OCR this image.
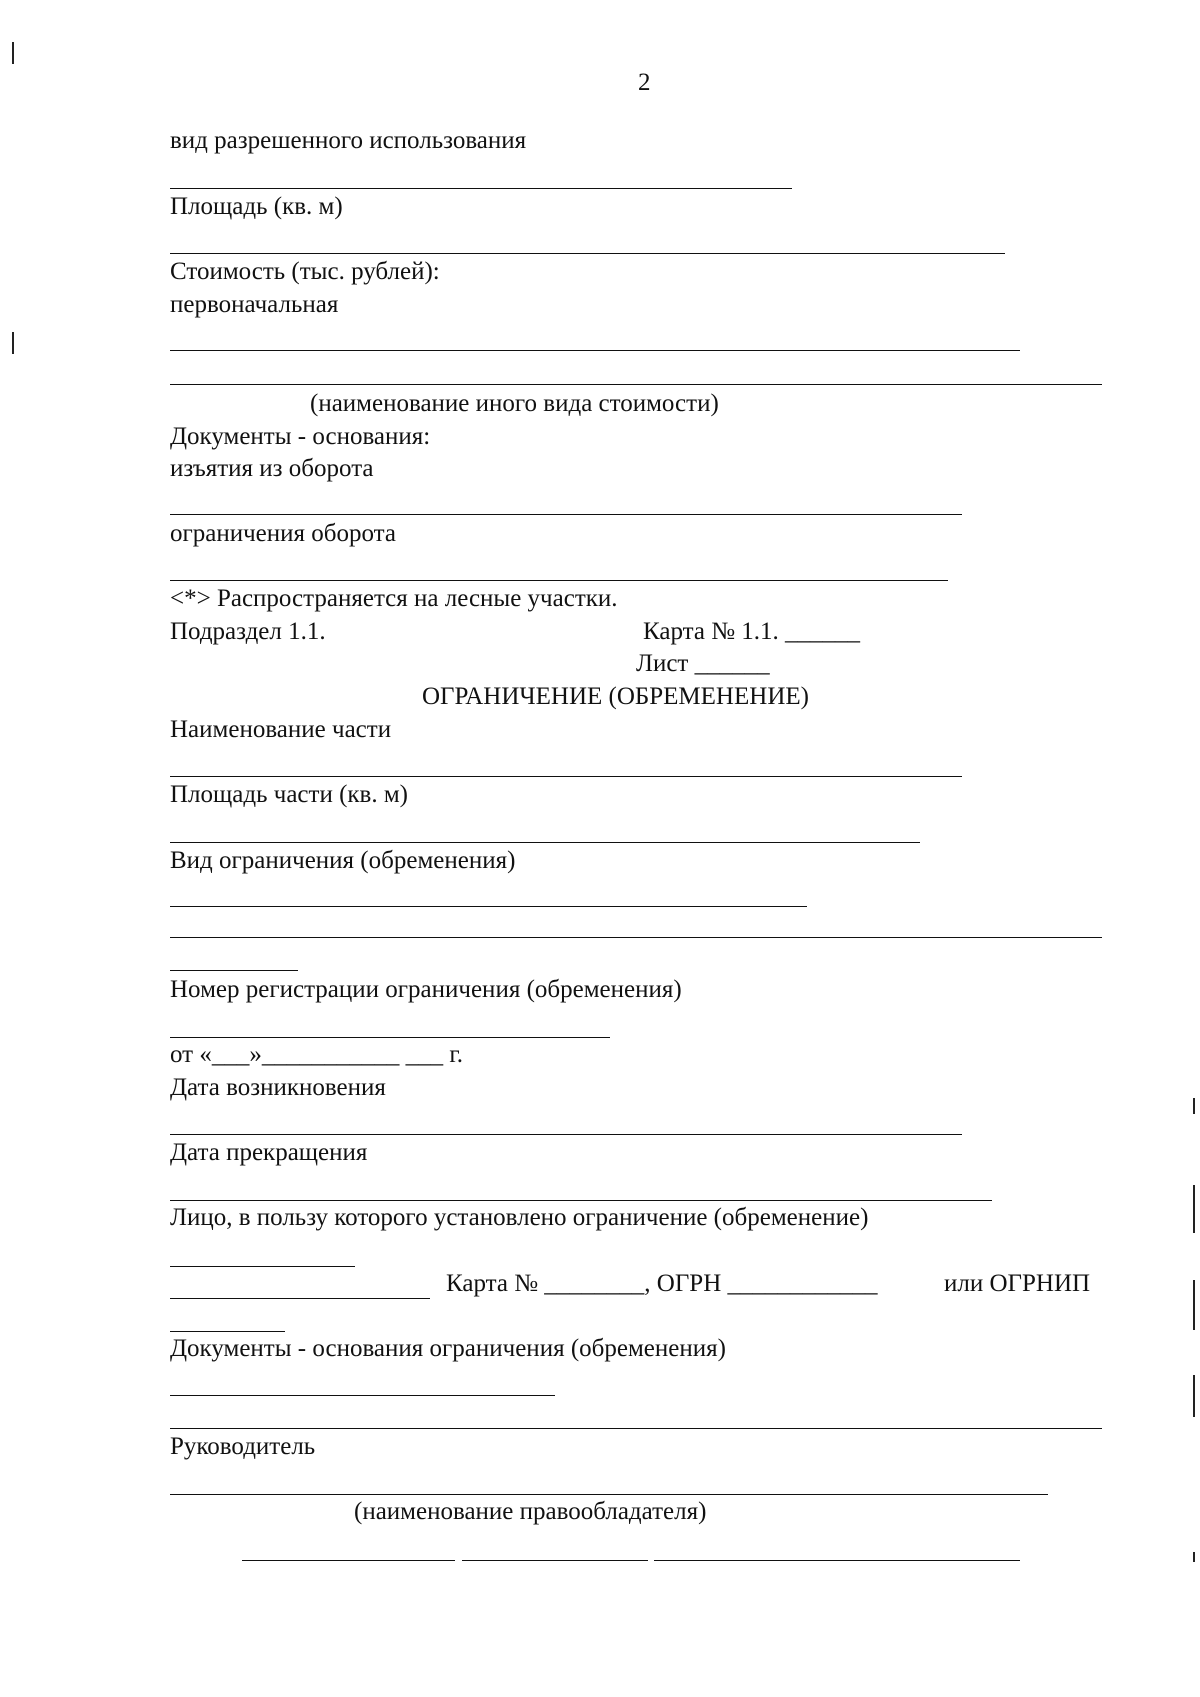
2
вид разрешенного использования
Площадь (кв. м)
Стоимость (тыс. рублей):
первоначальная
(наименование иного вида стоимости)
Документы - основания:
изъятия из оборота
ограничения оборота
<*> Распространяется на лесные участки.
Подраздел 1.1.	Карта № 1.1. ______
Лист ______
ОГРАНИЧЕНИЕ (ОБРЕМЕНЕНИЕ)
Наименование части
Площадь части (кв. м)
Вид ограничения (обременения)
Номер регистрации ограничения (обременения)
от «___»___________ ___ г.
Дата возникновения
Дата прекращения
Лицо, в пользу которого установлено ограничение (обременение)
Карта № ________, ОГРН ____________	или ОГРНИП
Документы - основания ограничения (обременения)
Руководитель
(наименование правообладателя)
